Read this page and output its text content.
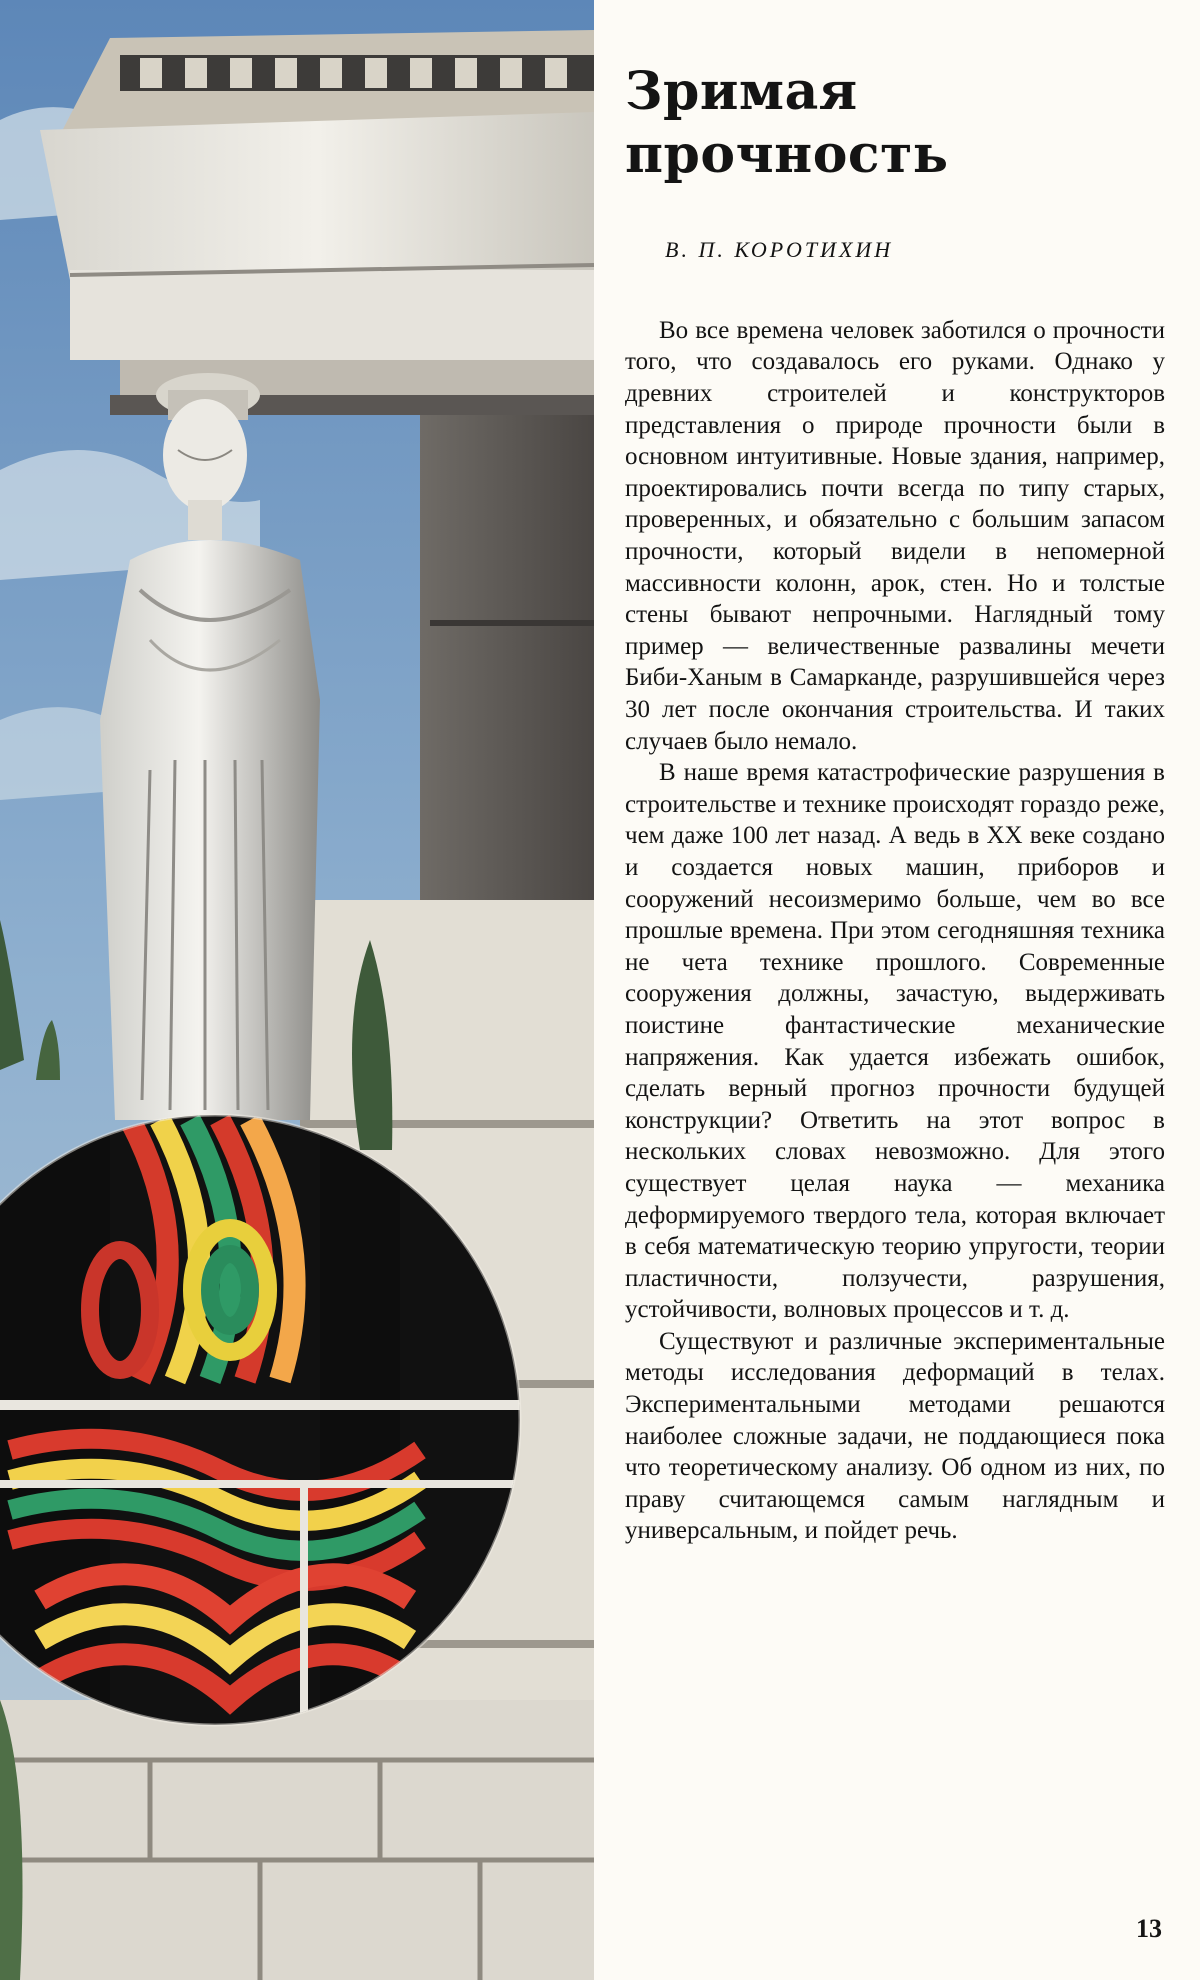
Зримая
прочность
В. П. КОРОТИХИН

Во все времена человек заботился о прочности того, что создавалось его руками. Однако у древних строителей и конструкторов представления о природе прочности были в основном интуитивные. Новые здания, например, проектировались почти всегда по типу старых, проверенных, и обязательно с большим запасом прочности, который видели в непомерной массивности колонн, арок, стен. Но и толстые стены бывают непрочными. Наглядный тому пример — величественные развалины мечети Биби-Ханым в Самарканде, разрушившейся через 30 лет после окончания строительства. И таких случаев было немало.

В наше время катастрофические разрушения в строительстве и технике происходят гораздо реже, чем даже 100 лет назад. А ведь в XX веке создано и создается новых машин, приборов и сооружений несоизмеримо больше, чем во все прошлые времена. При этом сегодняшняя техника не чета технике прошлого. Современные сооружения должны, зачастую, выдерживать поистине фантастические механические напряжения. Как удается избежать ошибок, сделать верный прогноз прочности будущей конструкции? Ответить на этот вопрос в нескольких словах невозможно. Для этого существует целая наука — механика деформируемого твердого тела, которая включает в себя математическую теорию упругости, теории пластичности, ползучести, разрушения, устойчивости, волновых процессов и т. д.

Существуют и различные экспериментальные методы исследования деформаций в телах. Экспериментальными методами решаются наиболее сложные задачи, не поддающиеся пока что теоретическому анализу. Об одном из них, по праву считающемся самым наглядным и универсальным, и пойдет речь.

13
